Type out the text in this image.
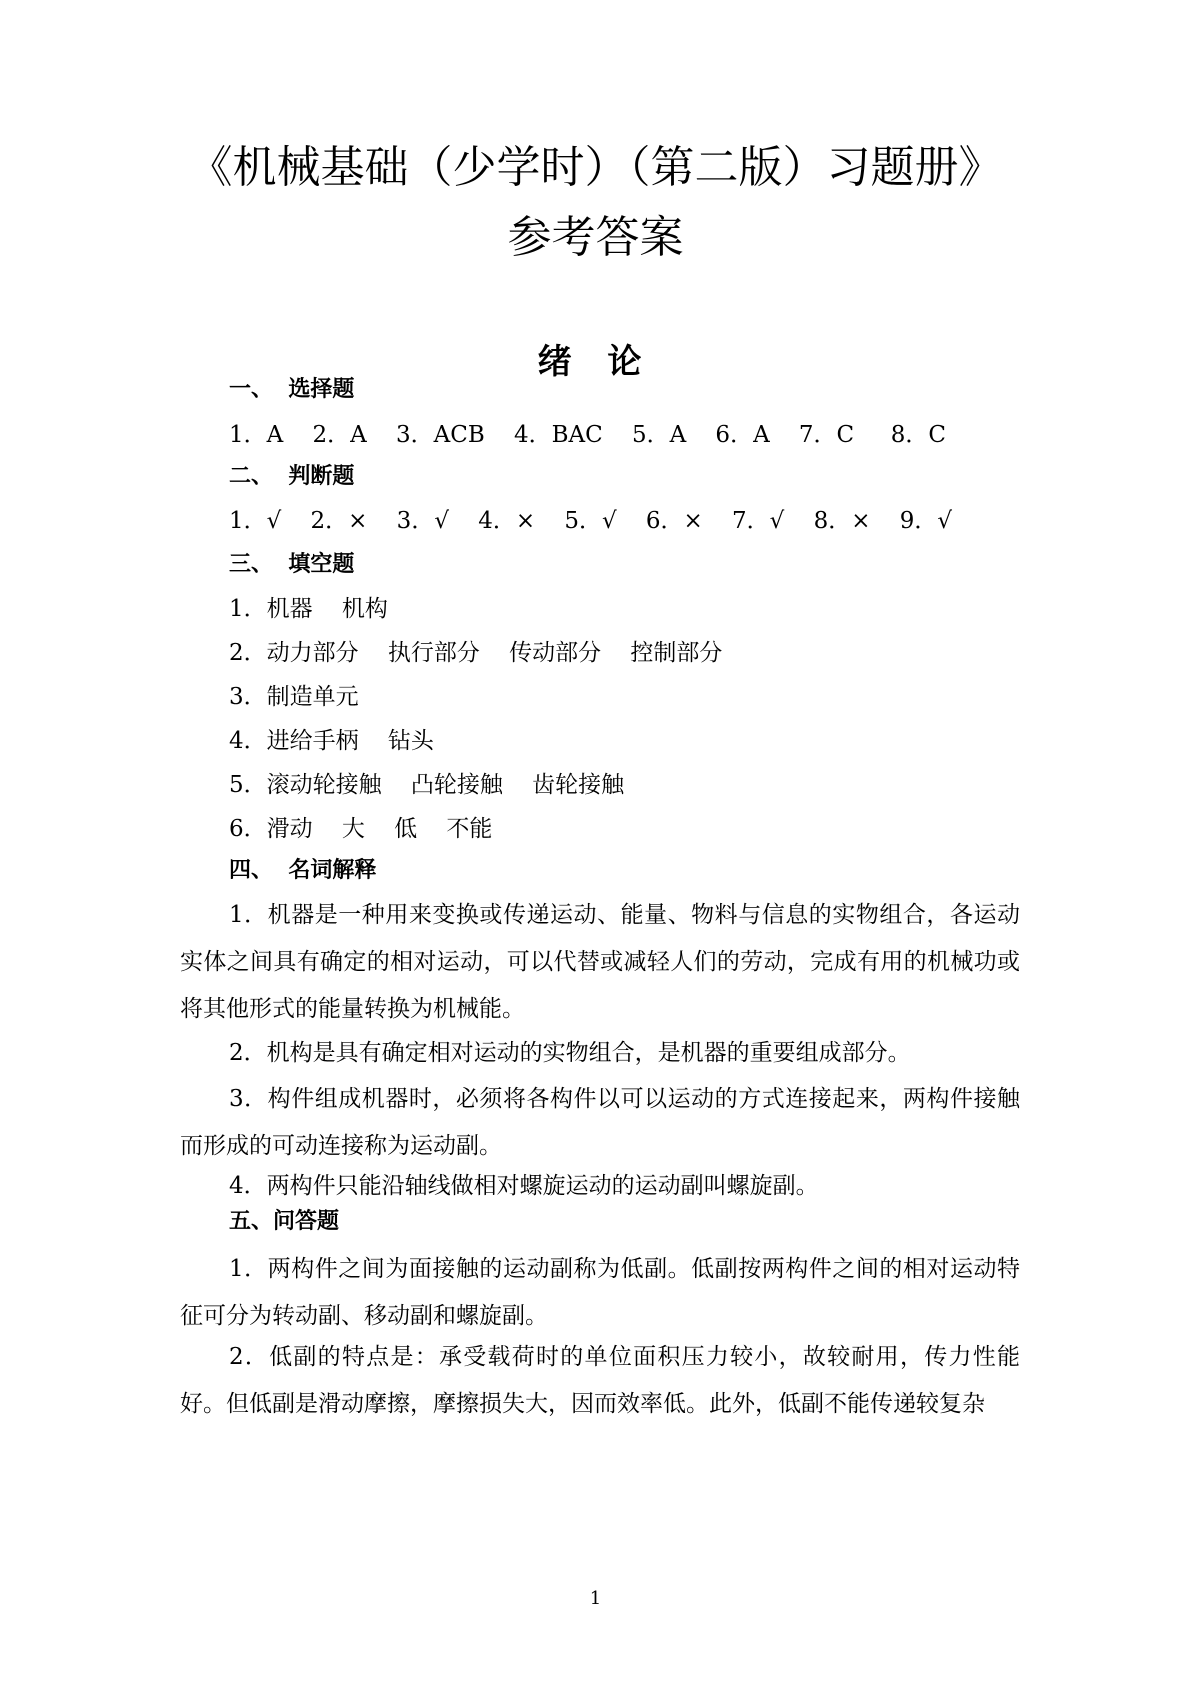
《机械基础（少学时）（第二版）习题册》
参考答案
绪 论
一、  选择题
1．A    2．A    3．ACB    4．BAC    5．A    6．A    7．C     8．C
二、  判断题
1．√    2．×    3．√    4．×    5．√    6．×    7．√    8．×    9．√
三、  填空题
1．机器    机构
2．动力部分    执行部分    传动部分    控制部分
3．制造单元
4．进给手柄    钻头
5．滚动轮接触    凸轮接触    齿轮接触
6．滑动    大    低    不能
四、  名词解释
1．机器是一种用来变换或传递运动、能量、物料与信息的实物组合，各运动实体之间具有确定的相对运动，可以代替或减轻人们的劳动，完成有用的机械功或将其他形式的能量转换为机械能。
2．机构是具有确定相对运动的实物组合，是机器的重要组成部分。
3．构件组成机器时，必须将各构件以可以运动的方式连接起来，两构件接触而形成的可动连接称为运动副。
4．两构件只能沿轴线做相对螺旋运动的运动副叫螺旋副。
五、问答题
1．两构件之间为面接触的运动副称为低副。低副按两构件之间的相对运动特征可分为转动副、移动副和螺旋副。
2．低副的特点是：承受载荷时的单位面积压力较小，故较耐用，传力性能好。但低副是滑动摩擦，摩擦损失大，因而效率低。此外，低副不能传递较复杂
1
